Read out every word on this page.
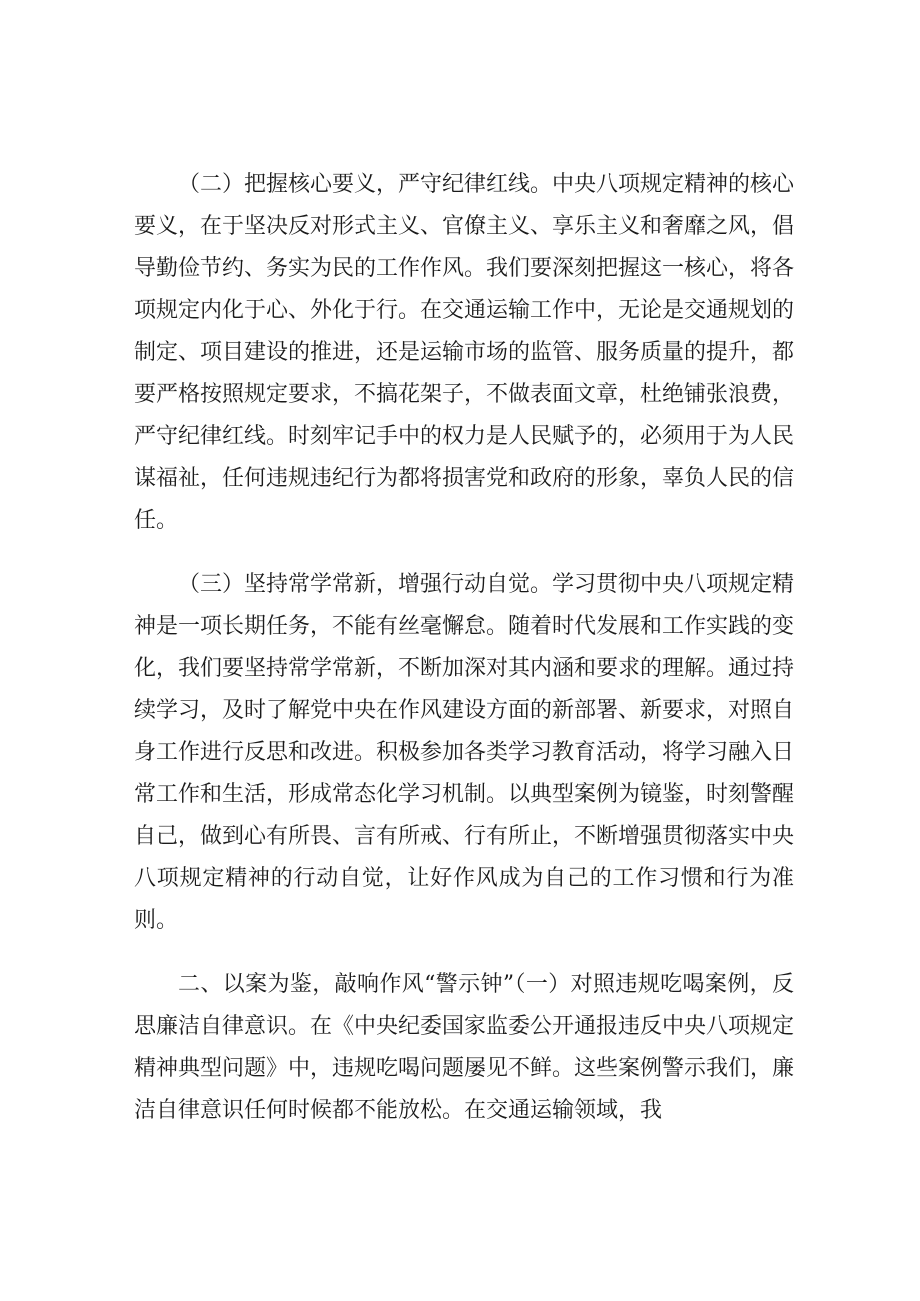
（二）把握核心要义，严守纪律红线。中央八项规定精神的核心要义，在于坚决反对形式主义、官僚主义、享乐主义和奢靡之风，倡导勤俭节约、务实为民的工作作风。我们要深刻把握这一核心，将各项规定内化于心、外化于行。在交通运输工作中，无论是交通规划的制定、项目建设的推进，还是运输市场的监管、服务质量的提升，都要严格按照规定要求，不搞花架子，不做表面文章，杜绝铺张浪费，严守纪律红线。时刻牢记手中的权力是人民赋予的，必须用于为人民谋福祉，任何违规违纪行为都将损害党和政府的形象，辜负人民的信任。

（三）坚持常学常新，增强行动自觉。学习贯彻中央八项规定精神是一项长期任务，不能有丝毫懈怠。随着时代发展和工作实践的变化，我们要坚持常学常新，不断加深对其内涵和要求的理解。通过持续学习，及时了解党中央在作风建设方面的新部署、新要求，对照自身工作进行反思和改进。积极参加各类学习教育活动，将学习融入日常工作和生活，形成常态化学习机制。以典型案例为镜鉴，时刻警醒自己，做到心有所畏、言有所戒、行有所止，不断增强贯彻落实中央八项规定精神的行动自觉，让好作风成为自己的工作习惯和行为准则。

二、以案为鉴，敲响作风“警示钟”（一）对照违规吃喝案例，反思廉洁自律意识。在《中央纪委国家监委公开通报违反中央八项规定精神典型问题》中，违规吃喝问题屡见不鲜。这些案例警示我们，廉洁自律意识任何时候都不能放松。在交通运输领域，我
